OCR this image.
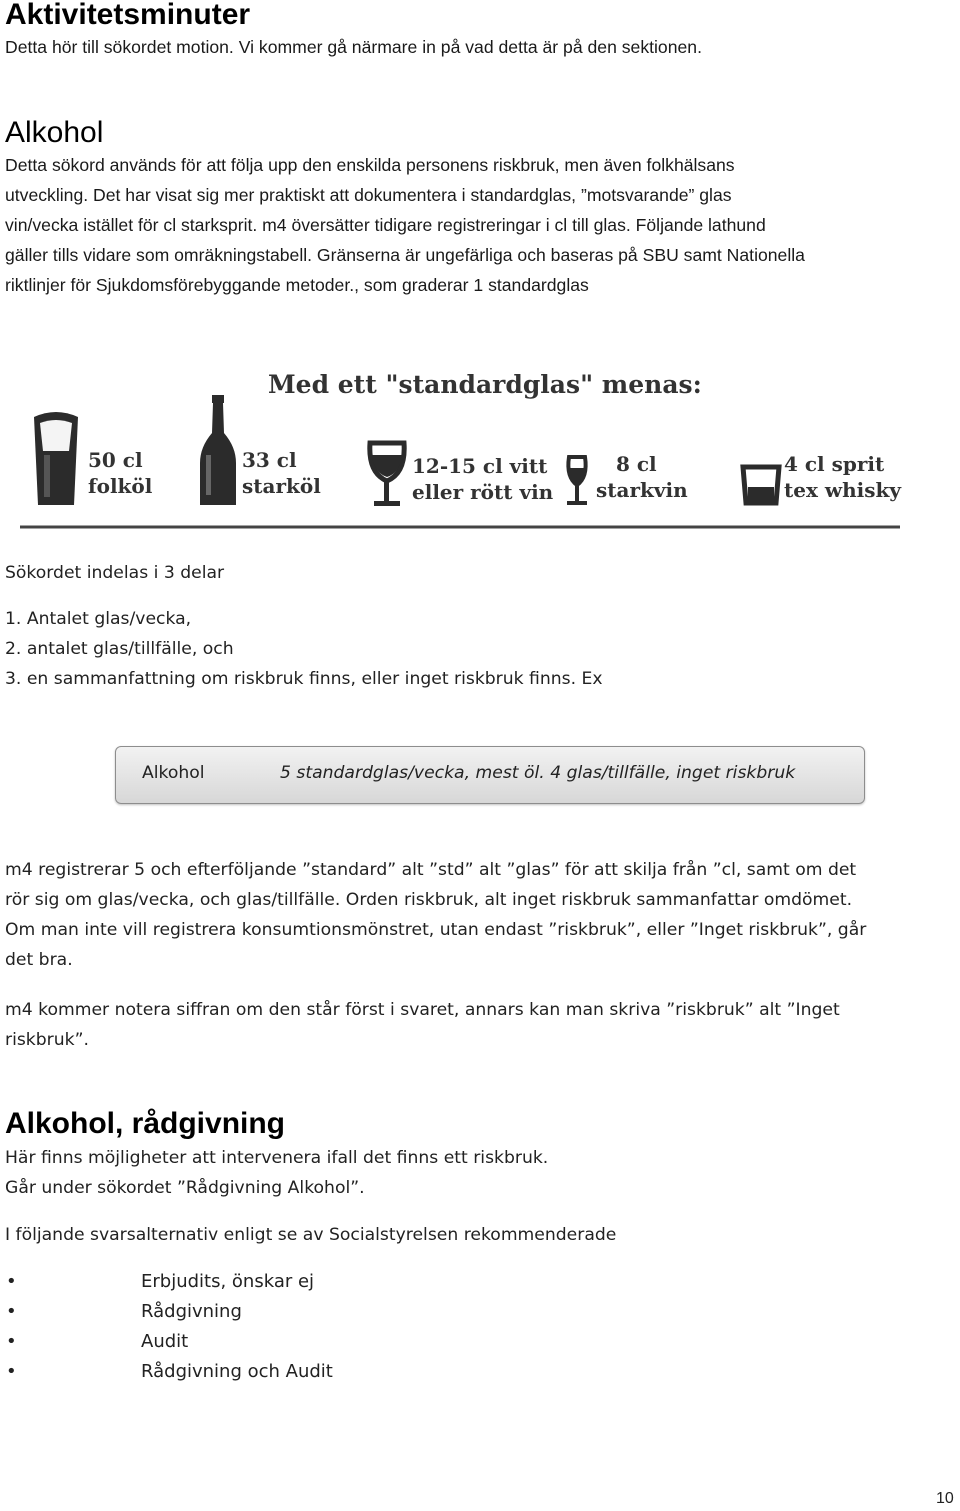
Aktivitetsminuter
Detta hör till sökordet motion. Vi kommer gå närmare in på vad detta är på den sektionen.
Alkohol
Detta sökord används för att följa upp den enskilda personens riskbruk, men även folkhälsans
utveckling. Det har visat sig mer praktiskt att dokumentera i standardglas, ”motsvarande” glas
vin/vecka istället för cl starksprit. m4 översätter tidigare registreringar i cl till glas. Följande lathund
gäller tills vidare som omräkningstabell. Gränserna är ungefärliga och baseras på SBU samt Nationella
riktlinjer för Sjukdomsförebyggande metoder., som graderar 1 standardglas
Med ett "standardglas" menas:
50 cl
folköl
33 cl
starköl
12-15 cl vitt
eller rött vin
8 cl
starkvin
4 cl sprit
tex whisky
Sökordet indelas i 3 delar
1. Antalet glas/vecka,
2. antalet glas/tillfälle, och
3. en sammanfattning om riskbruk finns, eller inget riskbruk finns. Ex
Alkohol	5 standardglas/vecka, mest öl. 4 glas/tillfälle, inget riskbruk
m4 registrerar 5 och efterföljande ”standard” alt ”std” alt ”glas” för att skilja från ”cl, samt om det
rör sig om glas/vecka, och glas/tillfälle. Orden riskbruk, alt inget riskbruk sammanfattar omdömet.
Om man inte vill registrera konsumtionsmönstret, utan endast ”riskbruk”, eller ”Inget riskbruk”, går
det bra.
m4 kommer notera siffran om den står först i svaret, annars kan man skriva ”riskbruk” alt ”Inget
riskbruk”.
Alkohol, rådgivning
Här finns möjligheter att intervenera ifall det finns ett riskbruk.
Går under sökordet ”Rådgivning Alkohol”.
I följande svarsalternativ enligt se av Socialstyrelsen rekommenderade
•	Erbjudits, önskar ej
•	Rådgivning
•	Audit
•	Rådgivning och Audit
10
